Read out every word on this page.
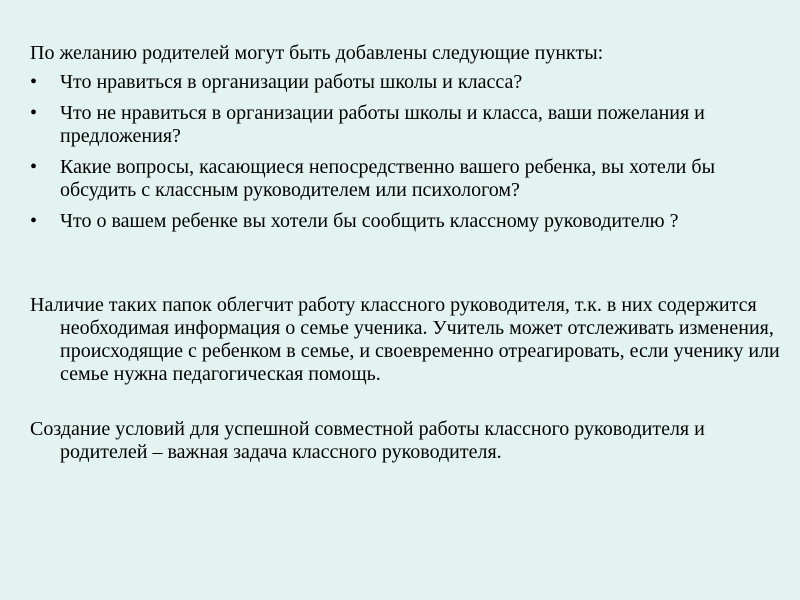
По желанию родителей могут быть добавлены следующие пункты:

•	Что нравиться в организации работы школы и класса?
•	Что не нравиться в организации работы школы и класса, ваши пожелания и предложения?
•	Какие вопросы, касающиеся непосредственно вашего ребенка, вы хотели бы обсудить с классным руководителем или психологом?
•	Что о вашем ребенке вы хотели бы сообщить классному руководителю ?

Наличие таких папок облегчит работу классного руководителя, т.к. в них содержится необходимая информация о семье ученика. Учитель может отслеживать изменения, происходящие с ребенком в семье, и своевременно отреагировать, если ученику или семье нужна педагогическая помощь.

Создание условий для успешной совместной работы классного руководителя и родителей – важная задача классного руководителя.
